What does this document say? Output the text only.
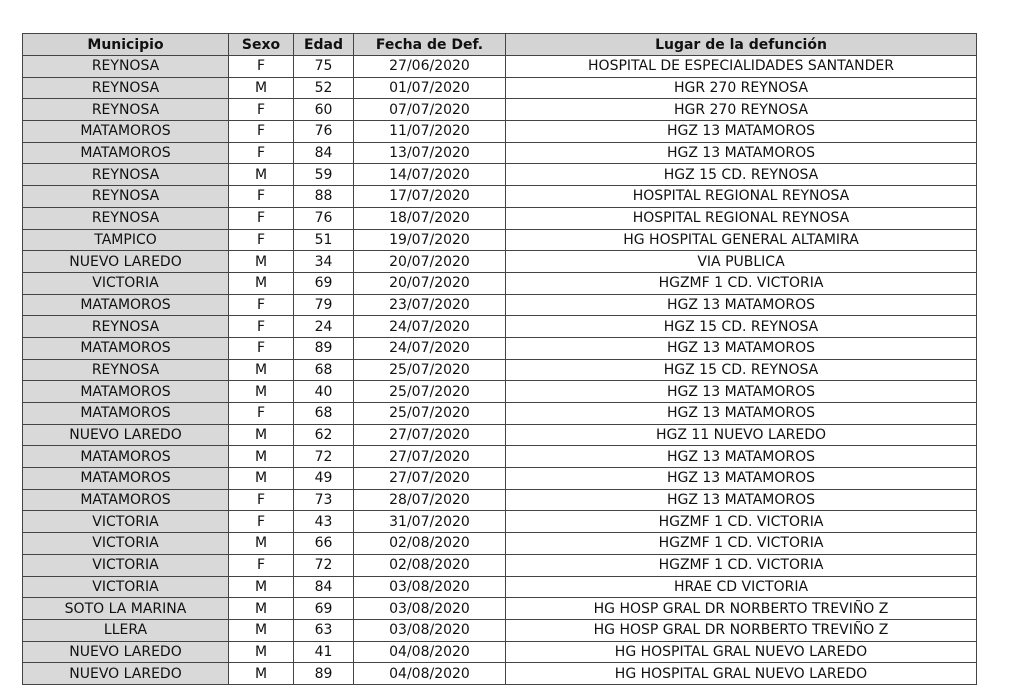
Municipio	Sexo	Edad	Fecha de Def.	Lugar de la defunción
REYNOSA	F	75	27/06/2020	HOSPITAL DE ESPECIALIDADES SANTANDER
REYNOSA	M	52	01/07/2020	HGR 270 REYNOSA
REYNOSA	F	60	07/07/2020	HGR 270 REYNOSA
MATAMOROS	F	76	11/07/2020	HGZ 13 MATAMOROS
MATAMOROS	F	84	13/07/2020	HGZ 13 MATAMOROS
REYNOSA	M	59	14/07/2020	HGZ 15 CD. REYNOSA
REYNOSA	F	88	17/07/2020	HOSPITAL REGIONAL REYNOSA
REYNOSA	F	76	18/07/2020	HOSPITAL REGIONAL REYNOSA
TAMPICO	F	51	19/07/2020	HG HOSPITAL GENERAL ALTAMIRA
NUEVO LAREDO	M	34	20/07/2020	VIA PUBLICA
VICTORIA	M	69	20/07/2020	HGZMF 1 CD. VICTORIA
MATAMOROS	F	79	23/07/2020	HGZ 13 MATAMOROS
REYNOSA	F	24	24/07/2020	HGZ 15 CD. REYNOSA
MATAMOROS	F	89	24/07/2020	HGZ 13 MATAMOROS
REYNOSA	M	68	25/07/2020	HGZ 15 CD. REYNOSA
MATAMOROS	M	40	25/07/2020	HGZ 13 MATAMOROS
MATAMOROS	F	68	25/07/2020	HGZ 13 MATAMOROS
NUEVO LAREDO	M	62	27/07/2020	HGZ 11 NUEVO LAREDO
MATAMOROS	M	72	27/07/2020	HGZ 13 MATAMOROS
MATAMOROS	M	49	27/07/2020	HGZ 13 MATAMOROS
MATAMOROS	F	73	28/07/2020	HGZ 13 MATAMOROS
VICTORIA	F	43	31/07/2020	HGZMF 1 CD. VICTORIA
VICTORIA	M	66	02/08/2020	HGZMF 1 CD. VICTORIA
VICTORIA	F	72	02/08/2020	HGZMF 1 CD. VICTORIA
VICTORIA	M	84	03/08/2020	HRAE CD VICTORIA
SOTO LA MARINA	M	69	03/08/2020	HG HOSP GRAL DR NORBERTO TREVIÑO Z
LLERA	M	63	03/08/2020	HG HOSP GRAL DR NORBERTO TREVIÑO Z
NUEVO LAREDO	M	41	04/08/2020	HG HOSPITAL GRAL NUEVO LAREDO
NUEVO LAREDO	M	89	04/08/2020	HG HOSPITAL GRAL NUEVO LAREDO
